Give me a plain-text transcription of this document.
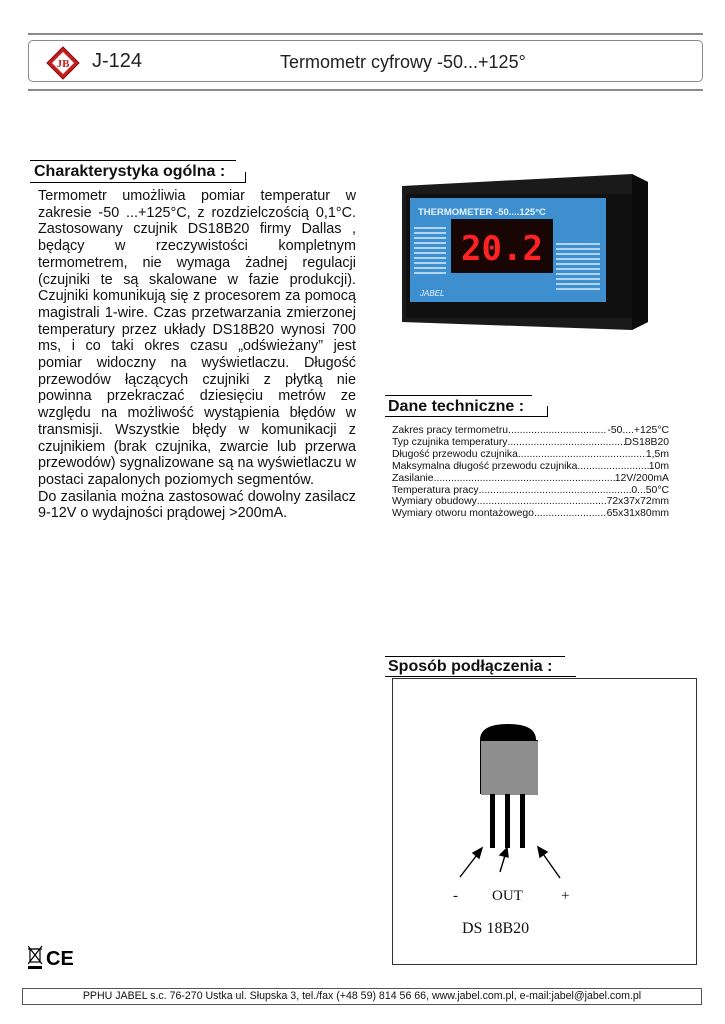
JB J-124	Termometr cyfrowy -50...+125°
Charakterystyka ogólna :

Termometr umożliwia pomiar temperatur w zakresie -50 ...+125°C, z rozdzielczością 0,1°C. Zastosowany czujnik DS18B20 firmy Dallas , będący w rzeczywistości kompletnym termometrem, nie wymaga żadnej regulacji (czujniki te są skalowane w fazie produkcji). Czujniki komunikują się z procesorem za pomocą magistrali 1-wire. Czas przetwarzania zmierzonej temperatury przez układy DS18B20 wynosi 700 ms, i co taki okres czasu „odświeżany” jest pomiar widoczny na wyświetlaczu. Długość przewodów łączących czujniki z płytką nie powinna przekraczać dziesięciu metrów ze względu na możliwość wystąpienia błędów w transmisji. Wszystkie błędy w komunikacji z czujnikiem (brak czujnika, zwarcie lub przerwa przewodów) sygnalizowane są na wyświetlaczu w postaci zapalonych poziomych segmentów.

Do zasilania można zastosować dowolny zasilacz 9-12V o wydajności prądowej >200mA.

THERMOMETER -50....125°C
20.2
JABEL
Dane techniczne :
Zakres pracy termometru .....	-50....+125°C
Typ czujnika temperatury .....	DS18B20
Długość przewodu czujnika .....	1,5m
Maksymalna długość przewodu czujnika .....	10m
Zasilanie .....	12V/200mA
Temperatura pracy .....	0...50°C
Wymiary obudowy .....	72x37x72mm
Wymiary otworu montażowego .....	65x31x80mm
Sposób podłączenia :
- OUT	+
DS 18B20
CE
PPHU JABEL s.c. 76-270 Ustka ul. Słupska 3, tel./fax (+48 59) 814 56 66, www.jabel.com.pl, e-mail:jabel@jabel.com.pl
